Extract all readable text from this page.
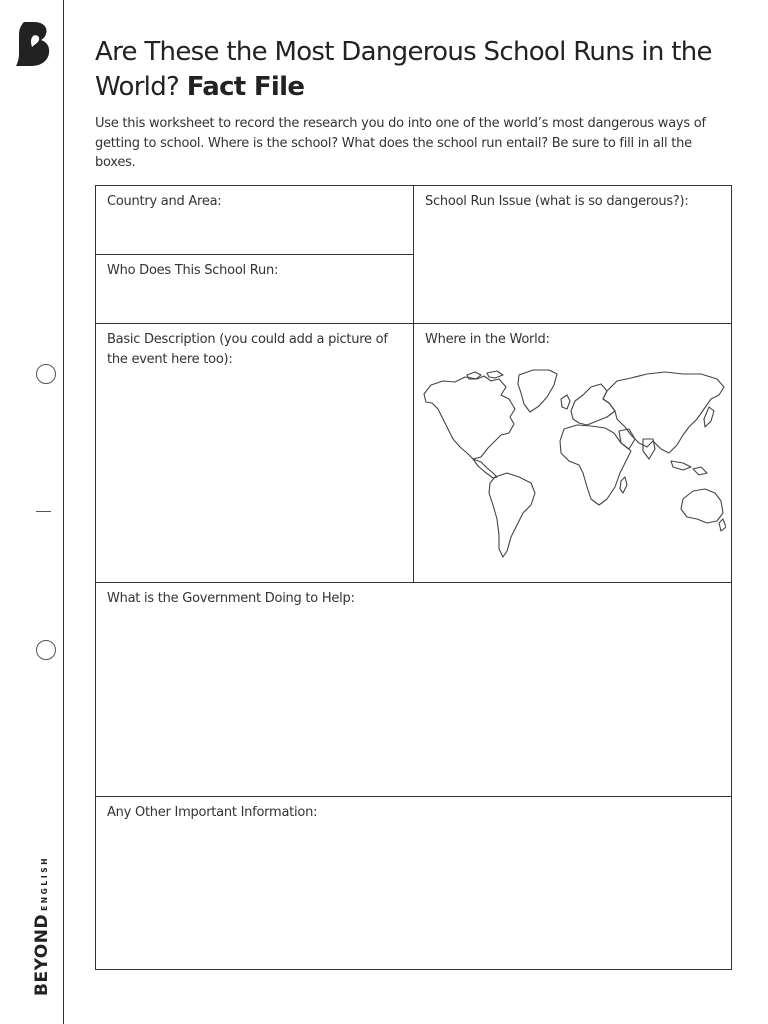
BEYONDENGLISH
Are These the Most Dangerous School Runs in the World? Fact File

Use this worksheet to record the research you do into one of the world’s most dangerous ways of getting to school. Where is the school? What does the school run entail? Be sure to fill in all the boxes.

Country and Area:

Who Does This School Run:

School Run Issue (what is so dangerous?):

Basic Description (you could add a picture of the event here too):

Where in the World:

What is the Government Doing to Help:

Any Other Important Information:
